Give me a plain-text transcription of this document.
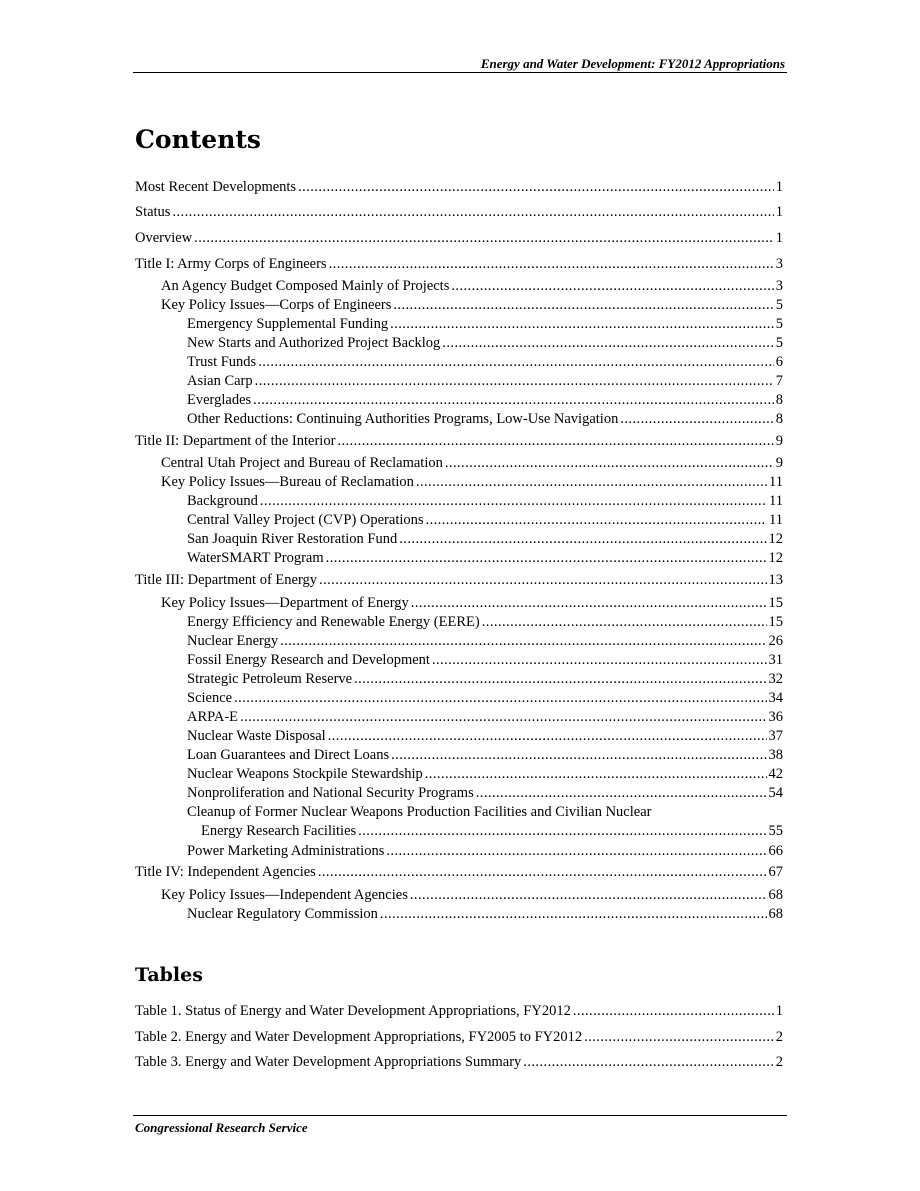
Energy and Water Development: FY2012 Appropriations
Contents
Most Recent Developments . . .	1
Status . . .	1
Overview . . .	1
Title I: Army Corps of Engineers . . .	3
An Agency Budget Composed Mainly of Projects . . .	3
Key Policy Issues—Corps of Engineers . . .	5
Emergency Supplemental Funding . . .	5
New Starts and Authorized Project Backlog . . .	5
Trust Funds . . .	6
Asian Carp . . .	7
Everglades . . .	8
Other Reductions: Continuing Authorities Programs, Low-Use Navigation . . .	8
Title II: Department of the Interior . . .	9
Central Utah Project and Bureau of Reclamation . . .	9
Key Policy Issues—Bureau of Reclamation . . .	11
Background . . .	11
Central Valley Project (CVP) Operations . . .	11
San Joaquin River Restoration Fund . . .	12
WaterSMART Program . . .	12
Title III: Department of Energy . . .	13
Key Policy Issues—Department of Energy . . .	15
Energy Efficiency and Renewable Energy (EERE) . . .	15
Nuclear Energy . . .	26
Fossil Energy Research and Development . . .	31
Strategic Petroleum Reserve . . .	32
Science . . .	34
ARPA-E . . .	36
Nuclear Waste Disposal . . .	37
Loan Guarantees and Direct Loans . . .	38
Nuclear Weapons Stockpile Stewardship . . .	42
Nonproliferation and National Security Programs . . .	54
Cleanup of Former Nuclear Weapons Production Facilities and Civilian Nuclear
Energy Research Facilities . . .	55
Power Marketing Administrations . . .	66
Title IV: Independent Agencies . . .	67
Key Policy Issues—Independent Agencies . . .	68
Nuclear Regulatory Commission . . .	68
Tables
Table 1. Status of Energy and Water Development Appropriations, FY2012 . . .	1
Table 2. Energy and Water Development Appropriations, FY2005 to FY2012 . . .	2
Table 3. Energy and Water Development Appropriations Summary . . .	2
Congressional Research Service
